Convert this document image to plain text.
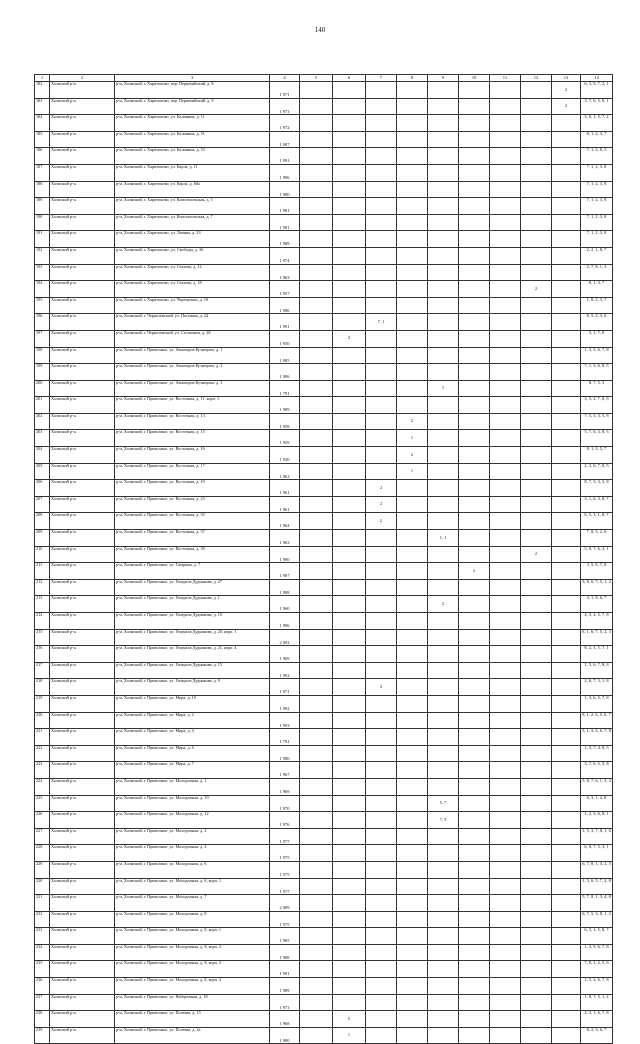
140
1	2	3	4	5	6	7	8	9	10	11	12	13	14
182	Холмский р-н	р-н, Холмский, г. Харитоново, пер. Первомайский, д. 8	1 971									2	6, 3, 5, 7, 2, 1
183	Холмский р-н	р-н, Холмский, г. Харитоново, пер. Первомайский, д. 9	1 971									2	3, 7, 6, 5, 8, 1
184	Холмский р-н	р-н, Холмский, г. Харитоново, ул. Калинина, д. 11	1 972										3, 6, 1, 5, 7, 2
185	Холмский р-н	р-н, Холмский, г. Харитоново, ул. Калинина, д. 51	1 987										8, 1, 2, 3, 7
186	Холмский р-н	р-н, Холмский, г. Харитоново, ул. Калинина, д. 53	1 991										7, 1, 2, 8, 3
187	Холмский р-н	р-н, Холмский, г. Харитоново, ул. Карла, д. 11	1 996										7, 1, 2, 3, 8
188	Холмский р-н	р-н, Холмский, г. Харитоново, ул. Карла, д. 60а	1 980										7, 1, 2, 3, 8
189	Холмский р-н	р-н, Холмский, г. Харитоново, ул. Комсомольская, д. 5	1 981										7, 1, 2, 3, 8
190	Холмский р-н	р-н, Холмский, г. Харитоново, ул. Комсомольская, д. 7	1 981										7, 1, 2, 3, 8
191	Холмский р-н	р-н, Холмский, г. Харитоново, ул. Ленина, д. 23	1 988										7, 1, 2, 3, 8
192	Холмский р-н	р-н, Холмский, г. Харитоново, ул. Свободы, д. 36	1 974										2, 2, 1, 8, 7
193	Холмский р-н	р-н, Холмский, г. Харитоново, ул. Стахова, д. 12	1 963										2, 7, 8, 1, 3
194	Холмский р-н	р-н, Холмский, г. Харитоново, ул. Стахова, д. 18	1 957								2		8, 1, 3, 7
195	Холмский р-н	р-н, Холмский, г. Харитоново, ул. Черемушки, д. 10	1 986										1, 8, 2, 3, 7
196	Холмский р-н	р-н, Холмский, г. Черноземский, ул. Пасечная, д. 24	1 991			7, 1							8, 5, 2, 3, 6
197	Холмский р-н	р-н, Холмский, г. Черноземский, ул. Столичная, д. 28	1 930		2								5, 1, 7, 8
198	Холмский р-н	р-н, Холмский, г. Приволжье, ул. Авиаторов Кузнецова, д. 1	1 985										1, 3, 5, 6, 7, 8
199	Холмский р-н	р-н, Холмский, г. Приволжье, ул. Авиаторов Кузнецова, д. 2	1 986										7, 1, 3, 6, 8, 5
200	Холмский р-н	р-н, Холмский, г. Приволжье, ул. Авиаторов Кузнецова, д. 3	1 791					1					8, 7, 5, 3
201	Холмский р-н	р-н, Холмский, г. Приволжье, ул. Восточная, д. 11, корп. 1	1 989										3, 5, 2, 7, 8, 6
202	Холмский р-н	р-н, Холмский, г. Приволжье, ул. Восточная, д. 13	1 958				2						7, 5, 3, 3, 5, 8
203	Холмский р-н	р-н, Холмский, г. Приволжье, ул. Восточная, д. 15	1 959				1						5, 7, 6, 3, 8, 3
204	Холмский р-н	р-н, Холмский, г. Приволжье, ул. Восточная, д. 16	1 930				2						8, 1, 3, 5, 7
205	Холмский р-н	р-н, Холмский, г. Приволжье, ул. Восточная, д. 17	1 963				1						2, 3, 6, 7, 8, 5
206	Холмский р-н	р-н, Холмский, г. Приволжье, ул. Восточная, д. 19	1 961			2							8, 7, 5, 3, 3, 8
207	Холмский р-н	р-н, Холмский, г. Приволжье, ул. Восточная, д. 23	1 961			2							3, 1, 6, 3, 8, 7
208	Холмский р-н	р-н, Холмский, г. Приволжье, ул. Восточная, д. 35	1 964			2							6, 5, 3, 1, 8, 7
209	Холмский р-н	р-н, Холмский, г. Приволжье, ул. Восточная, д. 37	1 963					1, 1					7, 8, 5, 2, 6
210	Холмский р-н	р-н, Холмский, г. Приволжье, ул. Восточная, д. 39	1 980								2		5, 8, 7, 6, 3, 1
211	Холмский р-н	р-н, Холмский, г. Приволжье, ул. Гагарина, д. 7	1 987						2				3, 5, 6, 7, 8
212	Холмский р-н	р-н, Холмский, г. Приволжье, ул. Генерала Дудникова, д. 27	1 988										3, 8, 6, 7, 5, 1, 2
213	Холмский р-н	р-н, Холмский, г. Приволжье, ул. Генерала Дудникова, д. 1	1 960					2					3, 1, 8, 6, 7
214	Холмский р-н	р-н, Холмский, г. Приволжье, ул. Генерала Дудникова, д. 10	1 996										4, 5, 2, 5, 7, 8
215	Холмский р-н	р-н, Холмский, г. Приволжье, ул. Генерала Дудникова, д. 20, корп. 1	2 002										8, 1, 6, 7, 5, 2, 3
216	Холмский р-н	р-н, Холмский, г. Приволжье, ул. Генерала Дудникова, д. 21, корп. 4	1 969										8, 2, 3, 5, 7, 1
217	Холмский р-н	р-н, Холмский, г. Приволжье, ул. Генерала Дудникова, д. 15	1 992										1, 5, 6, 7, 8, 3
218	Холмский р-н	р-н, Холмский, г. Приволжье, ул. Генерала Дудникова, д. 9	1 971			2							2, 6, 7, 3, 1, 8
219	Холмский р-н	р-н, Холмский, г. Приволжье, ул. Мира, д. 19	1 992										1, 3, 6, 5, 7, 8
220	Холмский р-н	р-н, Холмский, г. Приволжье, ул. Мира, д. 2	1 993										8, 1, 2, 6, 5, 6, 7
221	Холмский р-н	р-н, Холмский, г. Приволжье, ул. Мира, д. 4	1 791										5, 1, 3, 4, 6, 7, 8
222	Холмский р-н	р-н, Холмский, г. Приволжье, ул. Мира, д. 6	1 980										1, 3, 7, 4, 8, 5
223	Холмский р-н	р-н, Холмский, г. Приволжье, ул. Мира, д. 7	1 967										3, 7, 6, 5, 3, 8
224	Холмский р-н	р-н, Холмский, г. Приволжье, ул. Молодежная, д. 1	1 969										5, 8, 7, 6, 1, 3, 4
225	Холмский р-н	р-н, Холмский, г. Приволжье, ул. Молодежная, д. 10	1 970					5, 7					6, 3, 1, 2, 8
226	Холмский р-н	р-н, Холмский, г. Приволжье, ул. Молодежная, д. 12	1 976					7, 5					1, 2, 3, 6, 8, 1
227	Холмский р-н	р-н, Холмский, г. Приволжье, ул. Молодежная, д. 2	1 977										1, 5, 3, 7, 8, 1, 6
228	Холмский р-н	р-н, Холмский, г. Приволжье, ул. Молодежная, д. 4	1 975										6, 8, 7, 5, 3, 1
229	Холмский р-н	р-н, Холмский, г. Приволжье, ул. Молодежная, д. 6	1 975										6, 7, 8, 1, 3, 2, 5
230	Холмский р-н	р-н, Холмский, г. Приволжье, ул. Молодежная, д. 6, корп. 1	1 977										1, 3, 6, 5, 7, 2, 8
231	Холмский р-н	р-н, Холмский, г. Приволжье, ул. Молодежная, д. 7	2 009										5, 7, 8, 1, 3, 4, 8
232	Холмский р-н	р-н, Холмский, г. Приволжье, ул. Молодежная, д. 8	1 975										6, 7, 5, 3, 8, 1, 2
233	Холмский р-н	р-н, Холмский, г. Приволжье, ул. Молодежная, д. 8, корп. 1	1 985										6, 3, 1, 5, 8, 7
234	Холмский р-н	р-н, Холмский, г. Приволжье, ул. Молодежная, д. 8, корп. 2	1 988										1, 3, 5, 6, 7, 8
235	Холмский р-н	р-н, Холмский, г. Приволжье, ул. Молодежная, д. 8, корп. 3	1 991										7, 8, 1, 2, 5, 6
236	Холмский р-н	р-н, Холмский, г. Приволжье, ул. Молодежная, д. 8, корп. 4	1 989										1, 5, 2, 6, 7, 8
237	Холмский р-н	р-н, Холмский, г. Приволжье, ул. Набережная, д. 18	1 971										1, 8, 7, 5, 1, 2
238	Холмский р-н	р-н, Холмский, г. Приволжье, ул. Полевая, д. 15	1 968		5								2, 3, 1, 6, 7, 8
239	Холмский р-н	р-н, Холмский, г. Приволжье, ул. Полевая, д. 2а	1 980		1								8, 2, 3, 6, 7
